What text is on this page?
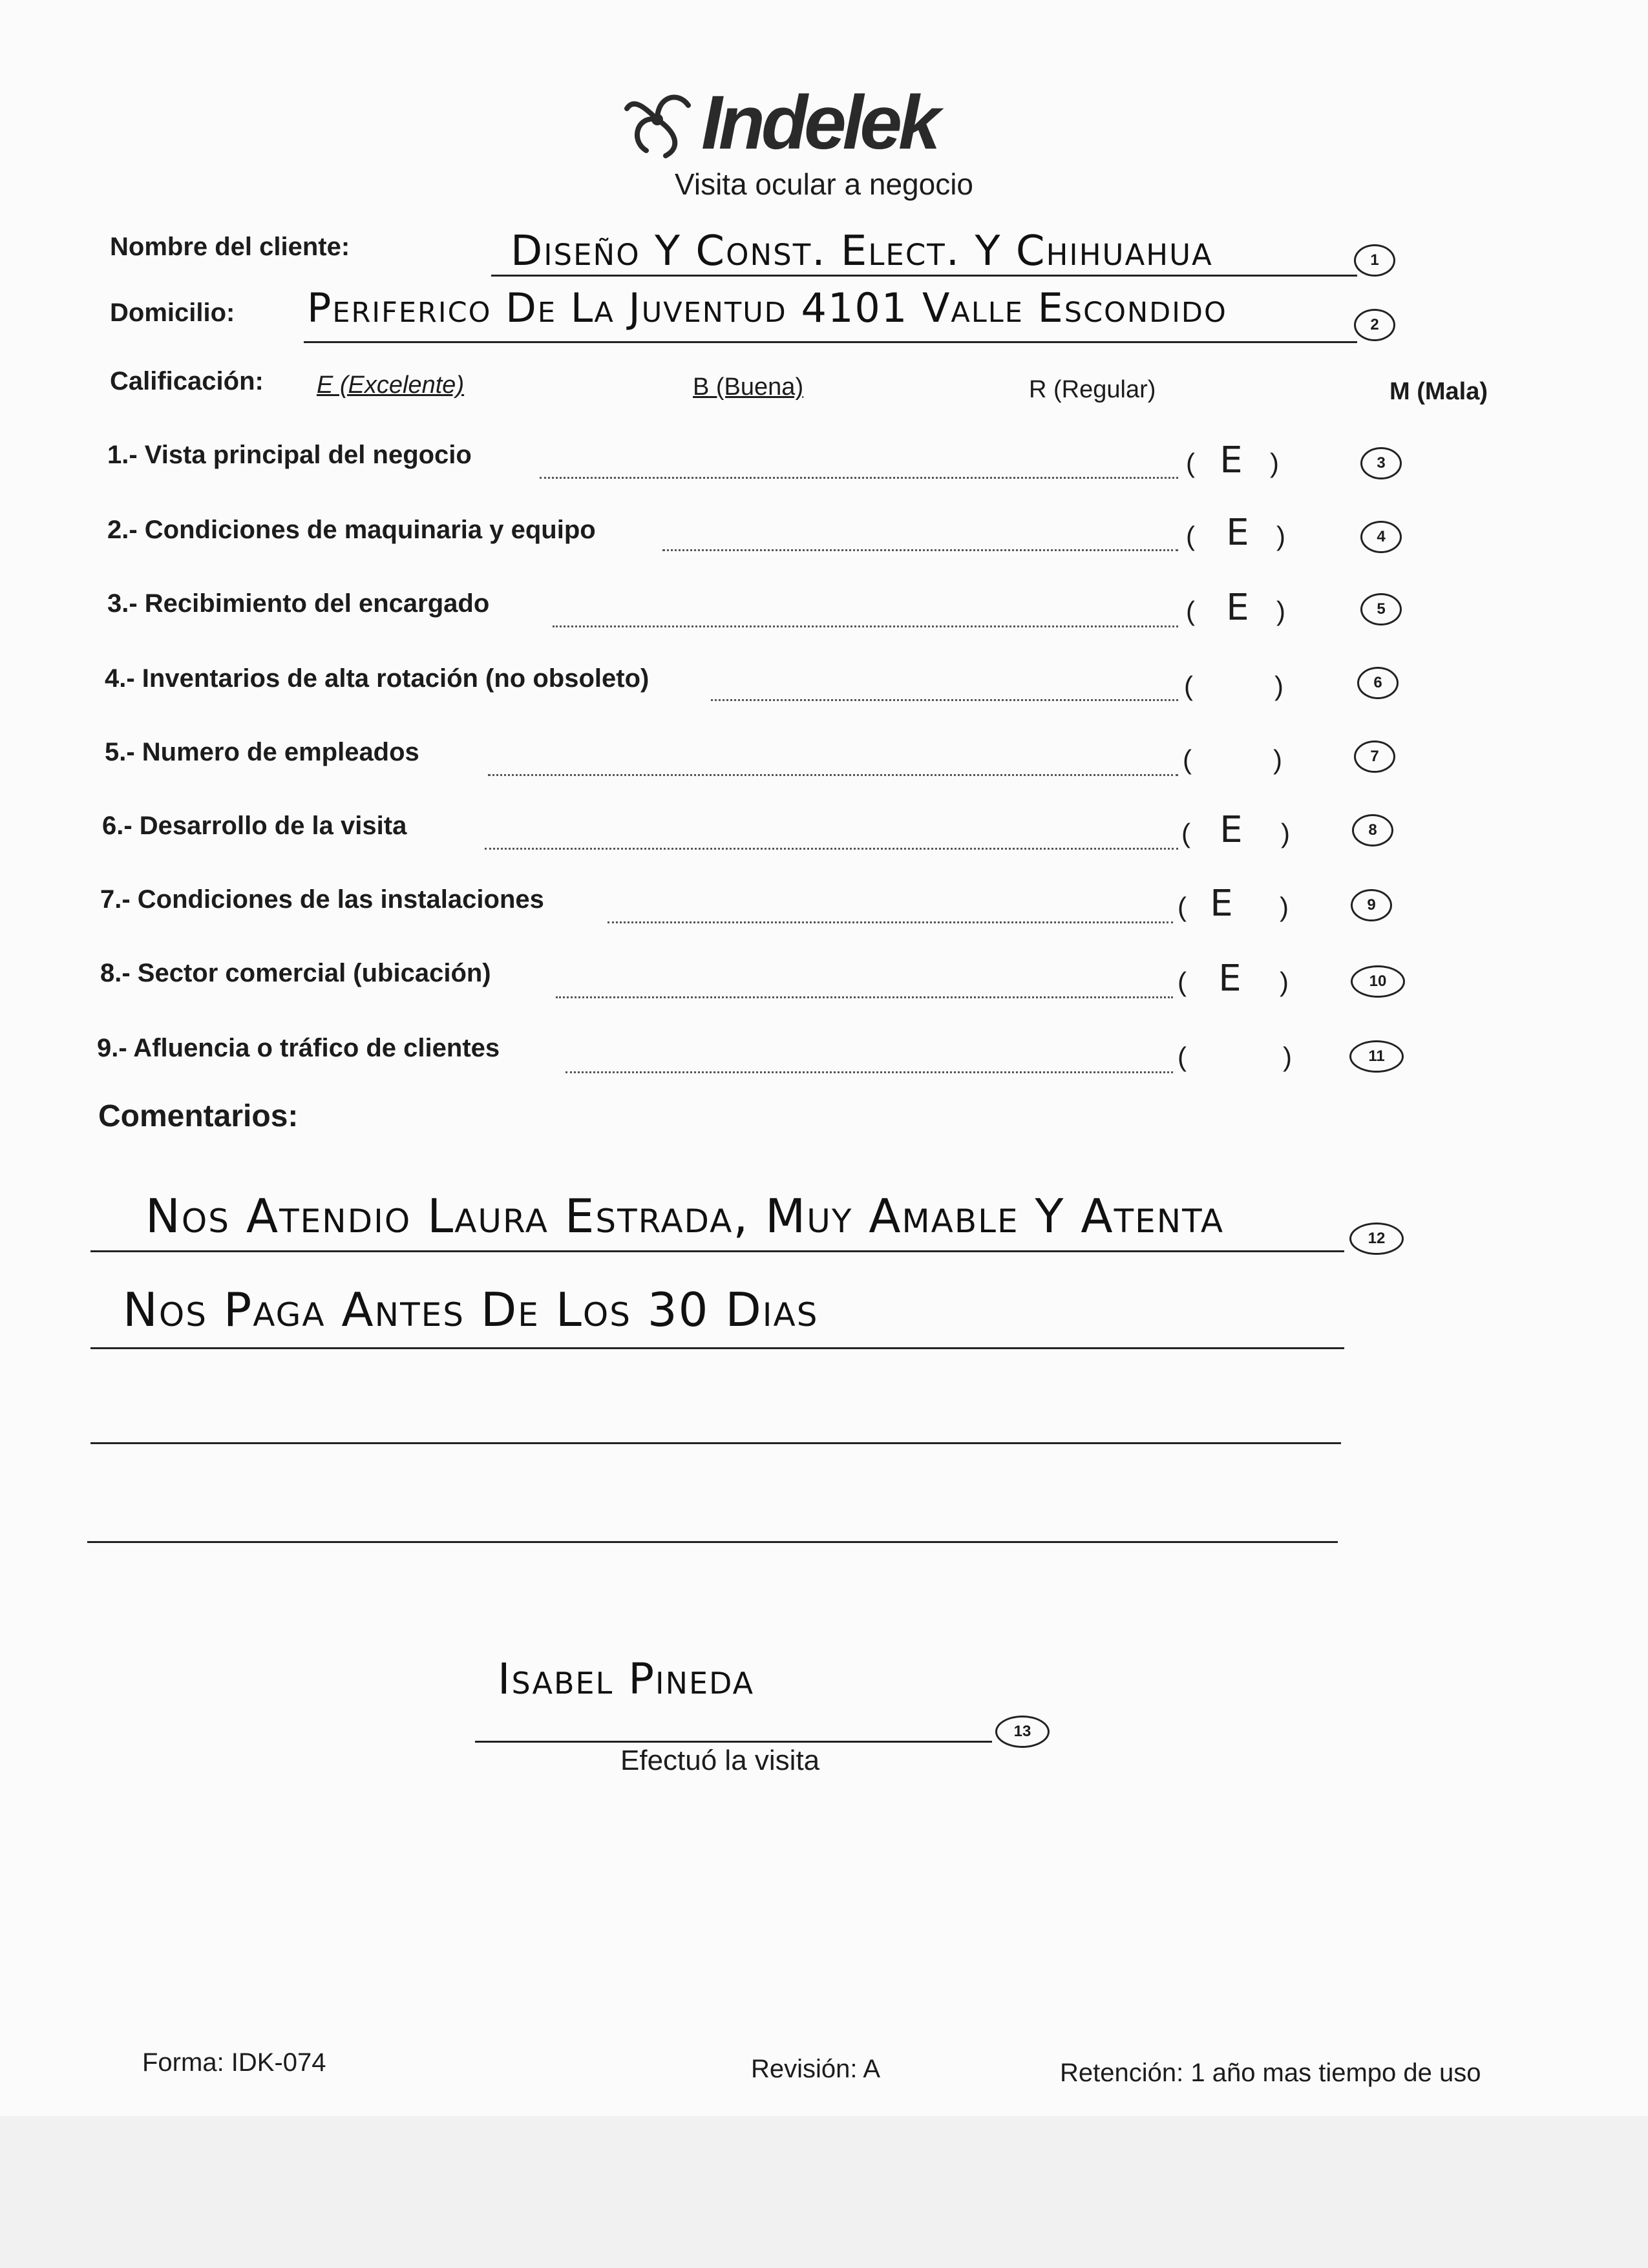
Indelek
Visita ocular a negocio
Nombre del cliente:	Diseño Y Const. Elect. Y Chihuahua	1
Domicilio: Periferico De La Juventud 4101 Valle Escondido	2
Calificación: E (Excelente)	B (Buena)	R (Regular)	M (Mala)
1.- Vista principal del negocio	( E	)	3
2.- Condiciones de maquinaria y equipo	( E	)	4
3.- Recibimiento del encargado	( E	)	5
4.- Inventarios de alta rotación (no obsoleto)	(	)	6
5.- Numero de empleados	(	)	7
6.- Desarrollo de la visita	( E	)	8
7.- Condiciones de las instalaciones	( E	)	9
8.- Sector comercial (ubicación)	( E	)	10
9.- Afluencia o tráfico de clientes	(	)	11
Comentarios:
Nos Atendio Laura Estrada, Muy Amable Y Atenta	12
Nos Paga Antes De Los 30 Dias
Isabel Pineda
13
Efectuó la visita
Forma: IDK-074	Revisión: A	Retención: 1 año mas tiempo de uso
